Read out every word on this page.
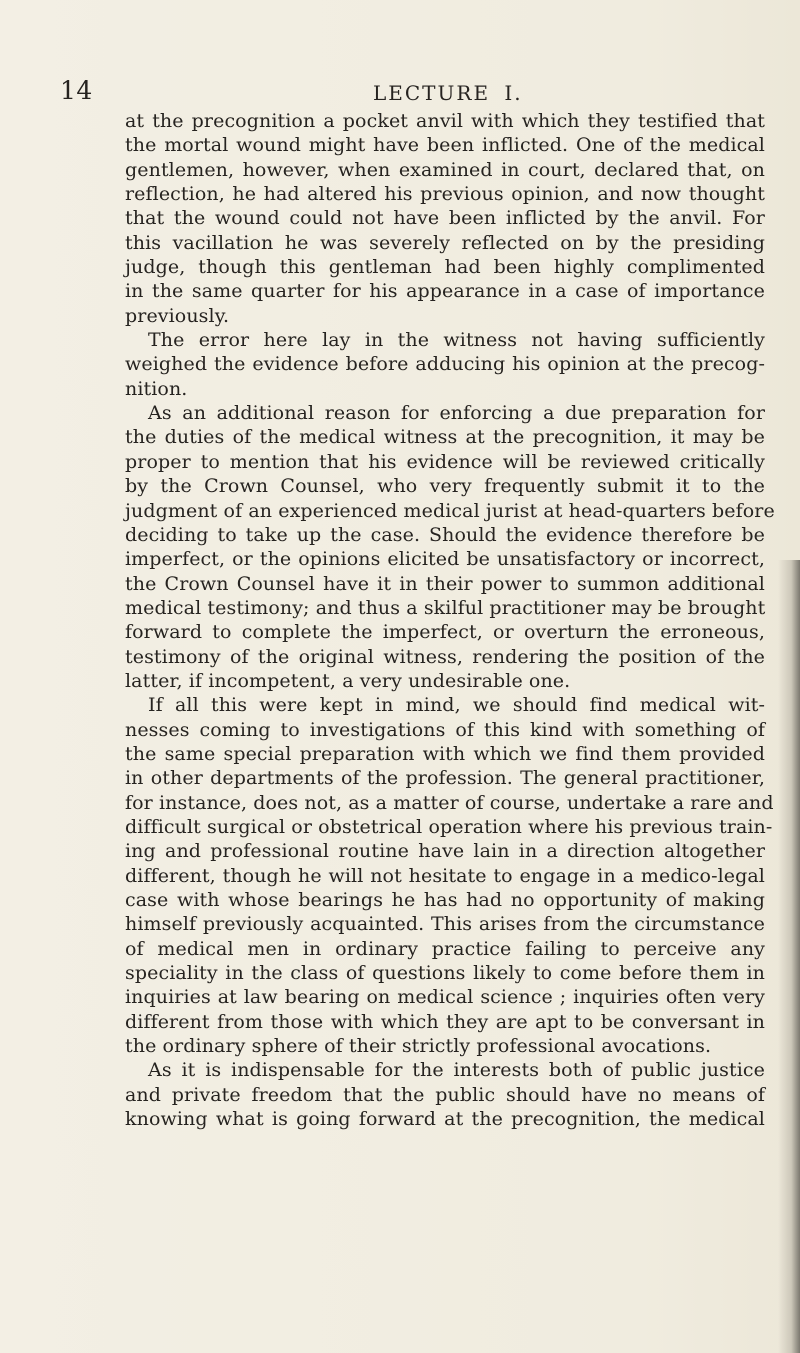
14	LECTURE I.
at the precognition a pocket anvil with which they testified that
the mortal wound might have been inflicted. One of the medical
gentlemen, however, when examined in court, declared that, on
reflection, he had altered his previous opinion, and now thought
that the wound could not have been inflicted by the anvil. For
this vacillation he was severely reflected on by the presiding
judge, though this gentleman had been highly complimented
in the same quarter for his appearance in a case of importance
previously.
The error here lay in the witness not having sufficiently
weighed the evidence before adducing his opinion at the precog-
nition.
As an additional reason for enforcing a due preparation for
the duties of the medical witness at the precognition, it may be
proper to mention that his evidence will be reviewed critically
by the Crown Counsel, who very frequently submit it to the
judgment of an experienced medical jurist at head-quarters before
deciding to take up the case. Should the evidence therefore be
imperfect, or the opinions elicited be unsatisfactory or incorrect,
the Crown Counsel have it in their power to summon additional
medical testimony; and thus a skilful practitioner may be brought
forward to complete the imperfect, or overturn the erroneous,
testimony of the original witness, rendering the position of the
latter, if incompetent, a very undesirable one.
If all this were kept in mind, we should find medical wit-
nesses coming to investigations of this kind with something of
the same special preparation with which we find them provided
in other departments of the profession. The general practitioner,
for instance, does not, as a matter of course, undertake a rare and
difficult surgical or obstetrical operation where his previous train-
ing and professional routine have lain in a direction altogether
different, though he will not hesitate to engage in a medico-legal
case with whose bearings he has had no opportunity of making
himself previously acquainted. This arises from the circumstance
of medical men in ordinary practice failing to perceive any
speciality in the class of questions likely to come before them in
inquiries at law bearing on medical science ; inquiries often very
different from those with which they are apt to be conversant in
the ordinary sphere of their strictly professional avocations.
As it is indispensable for the interests both of public justice
and private freedom that the public should have no means of
knowing what is going forward at the precognition, the medical
